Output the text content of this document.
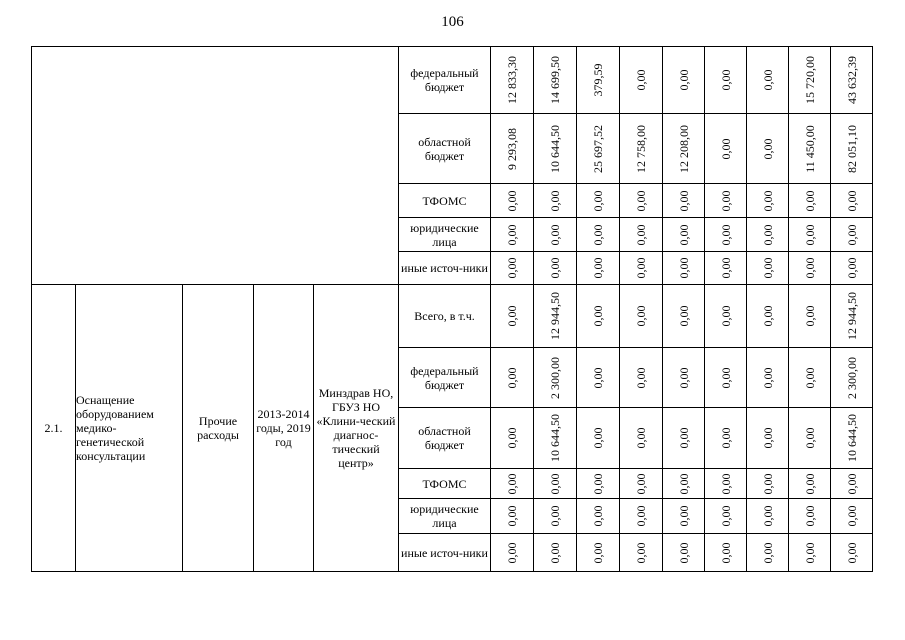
106
					федеральный бюджет	12 833,30	14 699,50	379,59	0,00	0,00	0,00	0,00	15 720,00	43 632,39

					областной бюджет	9 293,08	10 644,50	25 697,52	12 758,00	12 208,00	0,00	0,00	11 450,00	82 051,10

					ТФОМС	0,00	0,00	0,00	0,00	0,00	0,00	0,00	0,00	0,00

					юридические лица	0,00	0,00	0,00	0,00	0,00	0,00	0,00	0,00	0,00

					иные источ-ники	0,00	0,00	0,00	0,00	0,00	0,00	0,00	0,00	0,00

2.1.	Оснащение оборудованием медико-генетической консультации	Прочие расходы	2013-2014 годы, 2019 год	Минздрав НО, ГБУЗ НО «Клини-ческий диагнос-тический центр»	Всего, в т.ч.	0,00	12 944,50	0,00	0,00	0,00	0,00	0,00	0,00	12 944,50

					федеральный бюджет	0,00	2 300,00	0,00	0,00	0,00	0,00	0,00	0,00	2 300,00

					областной бюджет	0,00	10 644,50	0,00	0,00	0,00	0,00	0,00	0,00	10 644,50

					ТФОМС	0,00	0,00	0,00	0,00	0,00	0,00	0,00	0,00	0,00

					юридические лица	0,00	0,00	0,00	0,00	0,00	0,00	0,00	0,00	0,00

					иные источ-ники	0,00	0,00	0,00	0,00	0,00	0,00	0,00	0,00	0,00
